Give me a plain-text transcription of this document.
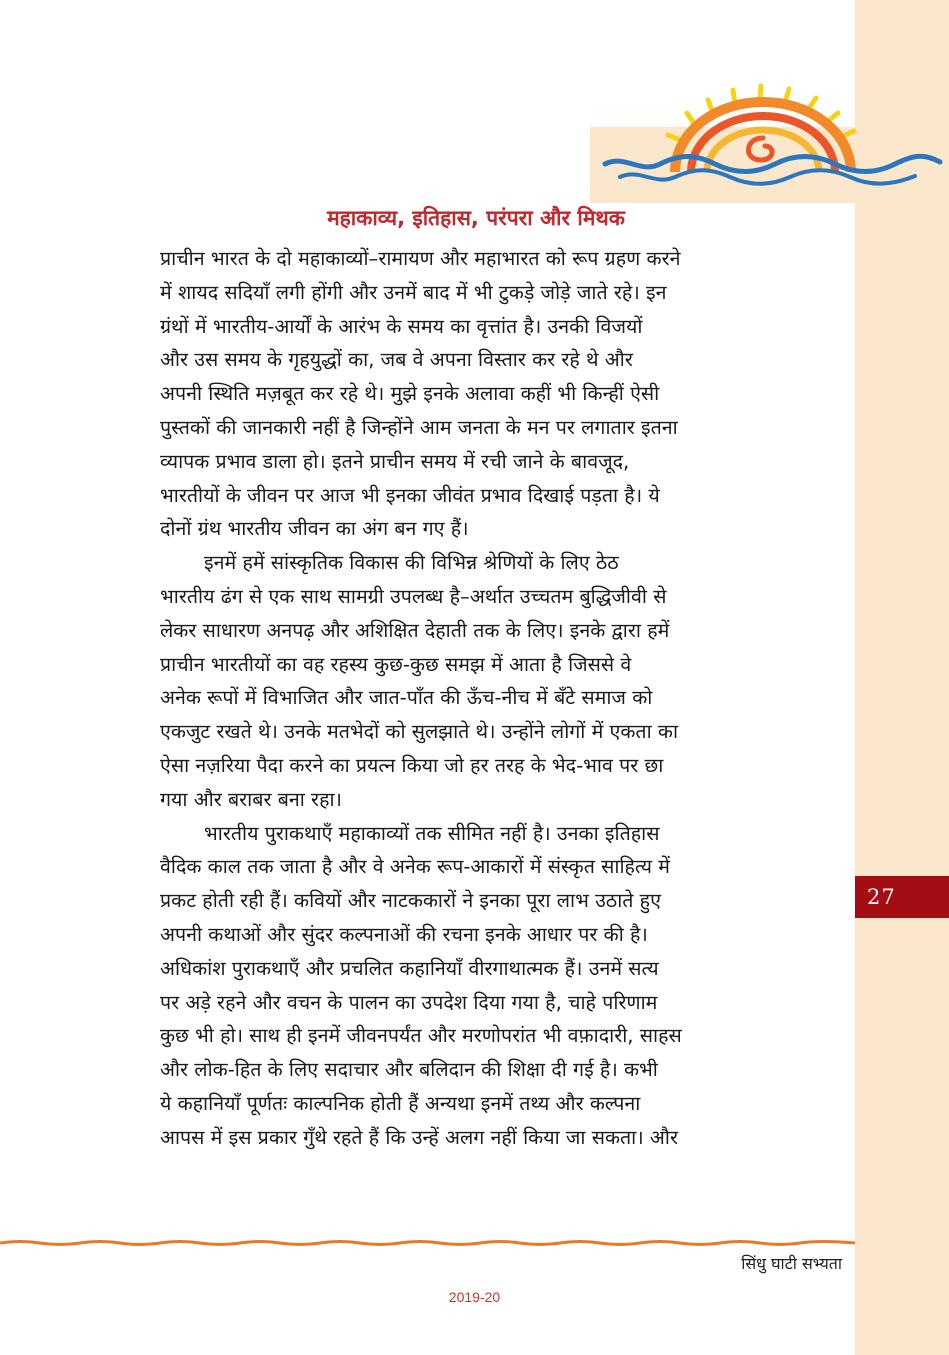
27
महाकाव्य, इतिहास, परंपरा और मिथक

प्राचीन भारत के दो महाकाव्यों–रामायण और महाभारत को रूप ग्रहण करने
में शायद सदियाँ लगी होंगी और उनमें बाद में भी टुकड़े जोड़े जाते रहे। इन
ग्रंथों में भारतीय-आर्यों के आरंभ के समय का वृत्तांत है। उनकी विजयों
और उस समय के गृहयुद्धों का, जब वे अपना विस्तार कर रहे थे और
अपनी स्थिति मज़बूत कर रहे थे। मुझे इनके अलावा कहीं भी किन्हीं ऐसी
पुस्तकों की जानकारी नहीं है जिन्होंने आम जनता के मन पर लगातार इतना
व्यापक प्रभाव डाला हो। इतने प्राचीन समय में रची जाने के बावजूद,
भारतीयों के जीवन पर आज भी इनका जीवंत प्रभाव दिखाई पड़ता है। ये
दोनों ग्रंथ भारतीय जीवन का अंग बन गए हैं।

इनमें हमें सांस्कृतिक विकास की विभिन्न श्रेणियों के लिए ठेठ
भारतीय ढंग से एक साथ सामग्री उपलब्ध है–अर्थात उच्चतम बुद्धिजीवी से
लेकर साधारण अनपढ़ और अशिक्षित देहाती तक के लिए। इनके द्वारा हमें
प्राचीन भारतीयों का वह रहस्य कुछ-कुछ समझ में आता है जिससे वे
अनेक रूपों में विभाजित और जात-पाँत की ऊँच-नीच में बँटे समाज को
एकजुट रखते थे। उनके मतभेदों को सुलझाते थे। उन्होंने लोगों में एकता का
ऐसा नज़रिया पैदा करने का प्रयत्न किया जो हर तरह के भेद-भाव पर छा
गया और बराबर बना रहा।

भारतीय पुराकथाएँ महाकाव्यों तक सीमित नहीं है। उनका इतिहास
वैदिक काल तक जाता है और वे अनेक रूप-आकारों में संस्कृत साहित्य में
प्रकट होती रही हैं। कवियों और नाटककारों ने इनका पूरा लाभ उठाते हुए
अपनी कथाओं और सुंदर कल्पनाओं की रचना इनके आधार पर की है।
अधिकांश पुराकथाएँ और प्रचलित कहानियाँ वीरगाथात्मक हैं। उनमें सत्य
पर अड़े रहने और वचन के पालन का उपदेश दिया गया है, चाहे परिणाम
कुछ भी हो। साथ ही इनमें जीवनपर्यंत और मरणोपरांत भी वफ़ादारी, साहस
और लोक-हित के लिए सदाचार और बलिदान की शिक्षा दी गई है। कभी
ये कहानियाँ पूर्णतः काल्पनिक होती हैं अन्यथा इनमें तथ्य और कल्पना
आपस में इस प्रकार गुँथे रहते हैं कि उन्हें अलग नहीं किया जा सकता। और

सिंधु घाटी सभ्यता
2019-20
